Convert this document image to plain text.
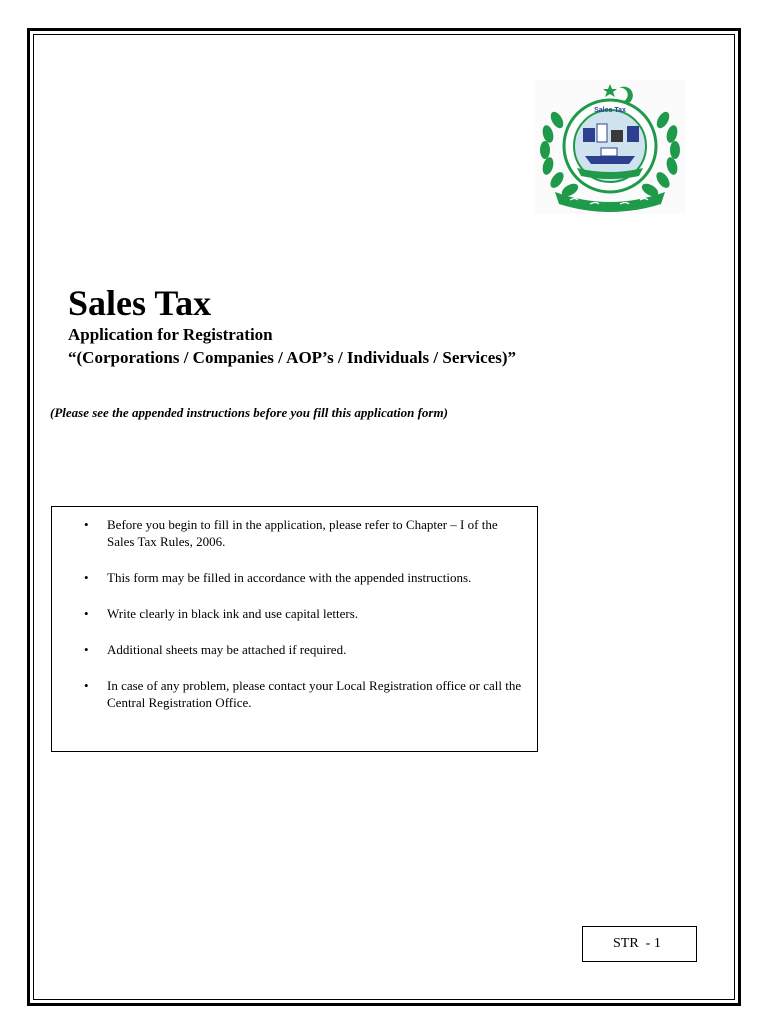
Sales Tax
Sales Tax
Application for Registration
“(Corporations / Companies / AOP’s / Individuals / Services)”
(Please see the appended instructions before you fill this application form)
• Before you begin to fill in the application, please refer to Chapter – I of the Sales Tax Rules, 2006.
• This form may be filled in accordance with the appended instructions.
• Write clearly in black ink and use capital letters.
• Additional sheets may be attached if required.
• In case of any problem, please contact your Local Registration office or call the Central Registration Office.
STR  - 1
